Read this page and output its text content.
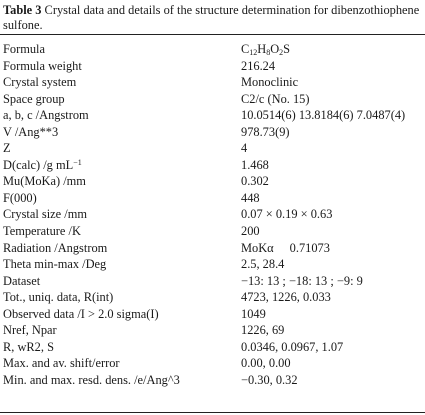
Table 3 Crystal data and details of the structure determination for dibenzothiophene sulfone.
Formula	$C_{12}H_8O_2S$
Formula weight	216.24
Crystal system	Monoclinic
Space group	C2/c (No. 15)
a, b, c /Angstrom	10.0514(6) 13.8184(6) 7.0487(4)
V /Ang**3	978.73(9)
Z	4
D(calc) /g $mL^{-1}$	1.468
Mu(MoKa) /mm	0.302
F(000)	448
Crystal size /mm	0.07 × 0.19 × 0.63
Temperature /K	200
Radiation /Angstrom	MoKα 0.71073
Theta min-max /Deg	2.5, 28.4
Dataset	−13: 13 ; −18: 13 ; −9: 9
Tot., uniq. data, R(int)	4723, 1226, 0.033
Observed data /I > 2.0 sigma(I)	1049
Nref, Npar	1226, 69
R, wR2, S	0.0346, 0.0967, 1.07
Max. and av. shift/error	0.00, 0.00
Min. and max. resd. dens. /e/Ang^3	−0.30, 0.32
